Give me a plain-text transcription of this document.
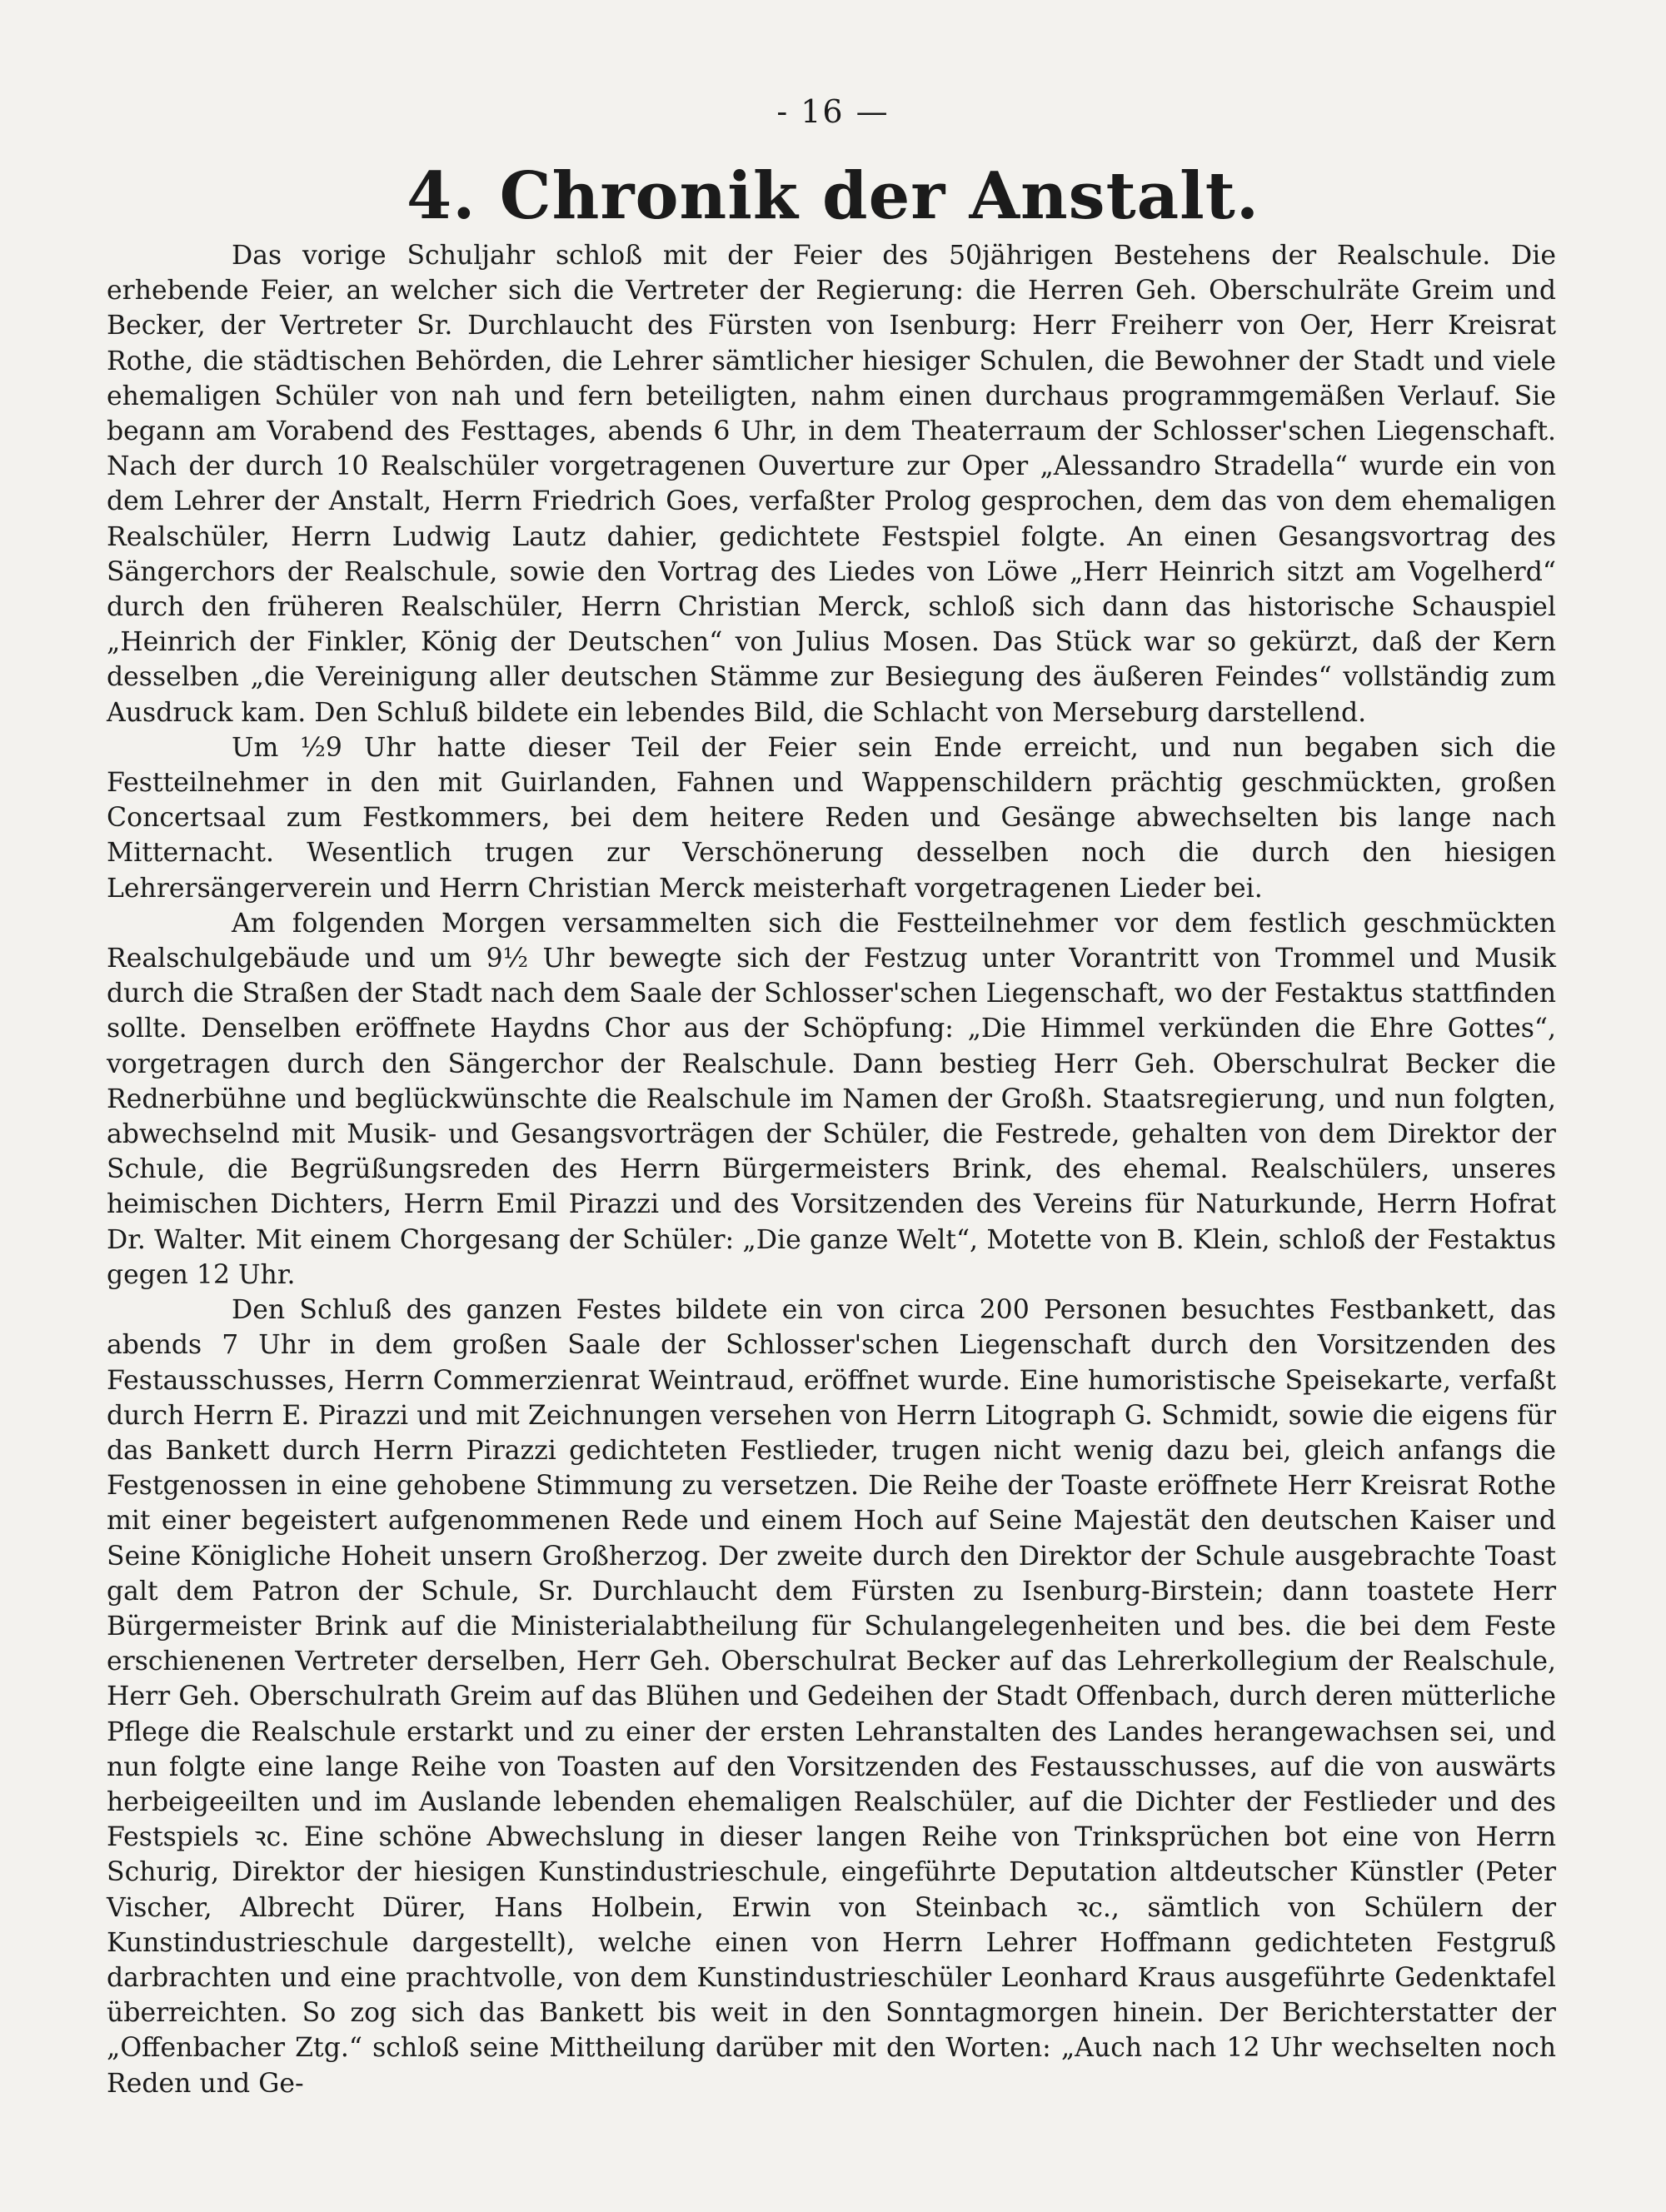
- 16 —
4. Chronik der Anstalt.

Das vorige Schuljahr schloß mit der Feier des 50jährigen Bestehens der Realschule. Die erhebende Feier, an welcher sich die Vertreter der Regierung: die Herren Geh. Oberschulräte Greim und Becker, der Vertreter Sr. Durchlaucht des Fürsten von Isenburg: Herr Freiherr von Oer, Herr Kreisrat Rothe, die städtischen Behörden, die Lehrer sämtlicher hiesiger Schulen, die Bewohner der Stadt und viele ehemaligen Schüler von nah und fern beteiligten, nahm einen durchaus programmgemäßen Verlauf. Sie begann am Vorabend des Festtages, abends 6 Uhr, in dem Theaterraum der Schlosser'schen Liegenschaft. Nach der durch 10 Realschüler vorgetragenen Ouverture zur Oper „Alessandro Stradella“ wurde ein von dem Lehrer der Anstalt, Herrn Friedrich Goes, verfaßter Prolog gesprochen, dem das von dem ehemaligen Realschüler, Herrn Ludwig Lautz dahier, gedichtete Festspiel folgte. An einen Gesangsvortrag des Sängerchors der Realschule, sowie den Vortrag des Liedes von Löwe „Herr Heinrich sitzt am Vogelherd“ durch den früheren Realschüler, Herrn Christian Merck, schloß sich dann das historische Schauspiel „Heinrich der Finkler, König der Deutschen“ von Julius Mosen. Das Stück war so gekürzt, daß der Kern desselben „die Vereinigung aller deutschen Stämme zur Besiegung des äußeren Feindes“ vollständig zum Ausdruck kam. Den Schluß bildete ein lebendes Bild, die Schlacht von Merseburg darstellend.

Um ½9 Uhr hatte dieser Teil der Feier sein Ende erreicht, und nun begaben sich die Festteilnehmer in den mit Guirlanden, Fahnen und Wappenschildern prächtig geschmückten, großen Concertsaal zum Festkommers, bei dem heitere Reden und Gesänge abwechselten bis lange nach Mitternacht. Wesentlich trugen zur Verschönerung desselben noch die durch den hiesigen Lehrersängerverein und Herrn Christian Merck meisterhaft vorgetragenen Lieder bei.

Am folgenden Morgen versammelten sich die Festteilnehmer vor dem festlich geschmückten Realschulgebäude und um 9½ Uhr bewegte sich der Festzug unter Vorantritt von Trommel und Musik durch die Straßen der Stadt nach dem Saale der Schlosser'schen Liegenschaft, wo der Festaktus stattfinden sollte. Denselben eröffnete Haydns Chor aus der Schöpfung: „Die Himmel verkünden die Ehre Gottes“, vorgetragen durch den Sängerchor der Realschule. Dann bestieg Herr Geh. Oberschulrat Becker die Rednerbühne und beglückwünschte die Realschule im Namen der Großh. Staatsregierung, und nun folgten, abwechselnd mit Musik- und Gesangsvorträgen der Schüler, die Festrede, gehalten von dem Direktor der Schule, die Begrüßungsreden des Herrn Bürgermeisters Brink, des ehemal. Realschülers, unseres heimischen Dichters, Herrn Emil Pirazzi und des Vorsitzenden des Vereins für Naturkunde, Herrn Hofrat Dr. Walter. Mit einem Chorgesang der Schüler: „Die ganze Welt“, Motette von B. Klein, schloß der Festaktus gegen 12 Uhr.

Den Schluß des ganzen Festes bildete ein von circa 200 Personen besuchtes Festbankett, das abends 7 Uhr in dem großen Saale der Schlosser'schen Liegenschaft durch den Vorsitzenden des Festausschusses, Herrn Commerzienrat Weintraud, eröffnet wurde. Eine humoristische Speisekarte, verfaßt durch Herrn E. Pirazzi und mit Zeichnungen versehen von Herrn Litograph G. Schmidt, sowie die eigens für das Bankett durch Herrn Pirazzi gedichteten Festlieder, trugen nicht wenig dazu bei, gleich anfangs die Festgenossen in eine gehobene Stimmung zu versetzen. Die Reihe der Toaste eröffnete Herr Kreisrat Rothe mit einer begeistert aufgenommenen Rede und einem Hoch auf Seine Majestät den deutschen Kaiser und Seine Königliche Hoheit unsern Großherzog. Der zweite durch den Direktor der Schule ausgebrachte Toast galt dem Patron der Schule, Sr. Durchlaucht dem Fürsten zu Isenburg-Birstein; dann toastete Herr Bürgermeister Brink auf die Ministerialabtheilung für Schulangelegenheiten und bes. die bei dem Feste erschienenen Vertreter derselben, Herr Geh. Oberschulrat Becker auf das Lehrerkollegium der Realschule, Herr Geh. Oberschulrath Greim auf das Blühen und Gedeihen der Stadt Offenbach, durch deren mütterliche Pflege die Realschule erstarkt und zu einer der ersten Lehranstalten des Landes herangewachsen sei, und nun folgte eine lange Reihe von Toasten auf den Vorsitzenden des Festausschusses, auf die von auswärts herbeigeeilten und im Auslande lebenden ehemaligen Realschüler, auf die Dichter der Festlieder und des Festspiels ꝛc. Eine schöne Abwechslung in dieser langen Reihe von Trinksprüchen bot eine von Herrn Schurig, Direktor der hiesigen Kunstindustrieschule, eingeführte Deputation altdeutscher Künstler (Peter Vischer, Albrecht Dürer, Hans Holbein, Erwin von Steinbach ꝛc., sämtlich von Schülern der Kunstindustrieschule dargestellt), welche einen von Herrn Lehrer Hoffmann gedichteten Festgruß darbrachten und eine prachtvolle, von dem Kunstindustrieschüler Leonhard Kraus ausgeführte Gedenktafel überreichten. So zog sich das Bankett bis weit in den Sonntagmorgen hinein. Der Berichterstatter der „Offenbacher Ztg.“ schloß seine Mittheilung darüber mit den Worten: „Auch nach 12 Uhr wechselten noch Reden und Ge-
